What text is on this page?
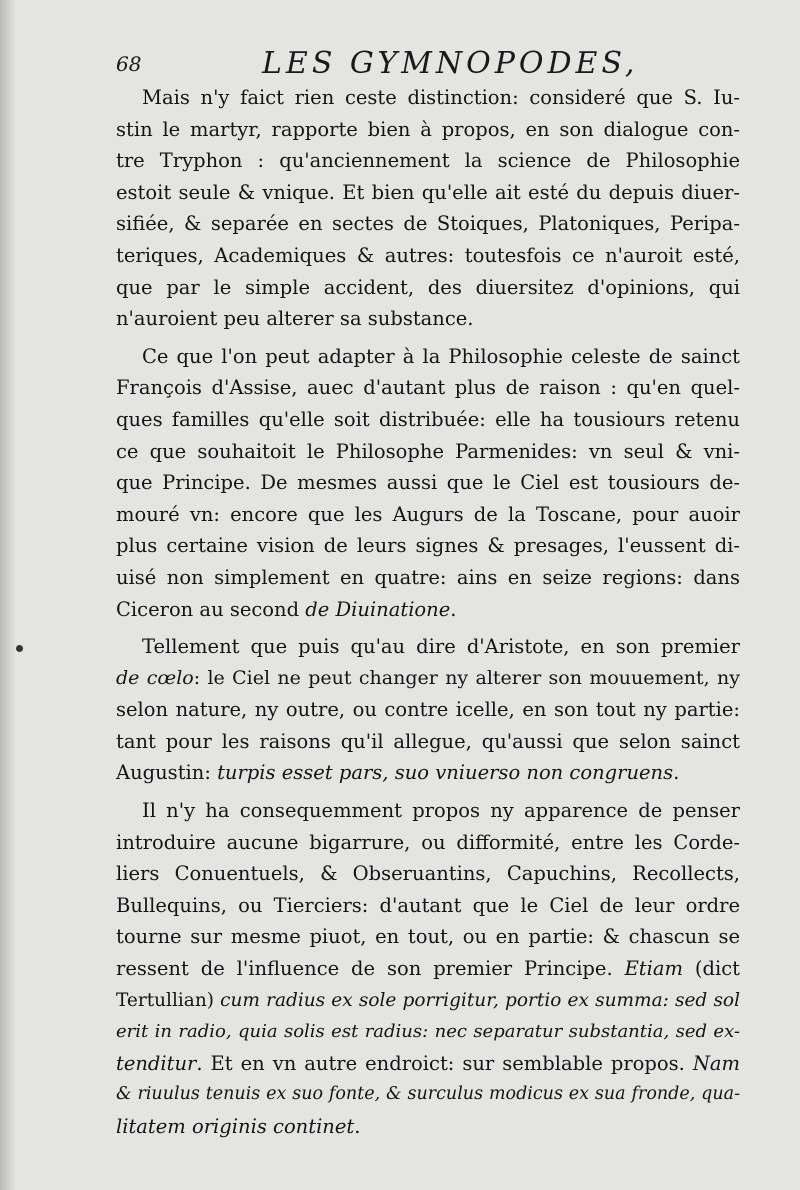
68	LES GYMNOPODES,
Mais n'y faict rien ceste distinction: consideré que S. Iu-
stin le martyr, rapporte bien à propos, en son dialogue con-
tre Tryphon : qu'anciennement la science de Philosophie
estoit seule & vnique. Et bien qu'elle ait esté du depuis diuer-
sifiée, & separée en sectes de Stoiques, Platoniques, Peripa-
teriques, Academiques & autres: toutesfois ce n'auroit esté,
que par le simple accident, des diuersitez d'opinions, qui
n'auroient peu alterer sa substance.
Ce que l'on peut adapter à la Philosophie celeste de sainct
François d'Assise, auec d'autant plus de raison : qu'en quel-
ques familles qu'elle soit distribuée: elle ha tousiours retenu
ce que souhaitoit le Philosophe Parmenides: vn seul & vni-
que Principe. De mesmes aussi que le Ciel est tousiours de-
mouré vn: encore que les Augurs de la Toscane, pour auoir
plus certaine vision de leurs signes & presages, l'eussent di-
uisé non simplement en quatre: ains en seize regions: dans
Ciceron au second de Diuinatione.
Tellement que puis qu'au dire d'Aristote, en son premier
de cœlo: le Ciel ne peut changer ny alterer son mouuement, ny
selon nature, ny outre, ou contre icelle, en son tout ny partie:
tant pour les raisons qu'il allegue, qu'aussi que selon sainct
Augustin: turpis esset pars, suo vniuerso non congruens.
Il n'y ha consequemment propos ny apparence de penser
introduire aucune bigarrure, ou difformité, entre les Corde-
liers Conuentuels, & Obseruantins, Capuchins, Recollects,
Bullequins, ou Tierciers: d'autant que le Ciel de leur ordre
tourne sur mesme piuot, en tout, ou en partie: & chascun se
ressent de l'influence de son premier Principe. Etiam (dict
Tertullian) cum radius ex sole porrigitur, portio ex summa: sed sol
erit in radio, quia solis est radius: nec separatur substantia, sed ex-
tenditur. Et en vn autre endroict: sur semblable propos. Nam
& riuulus tenuis ex suo fonte, & surculus modicus ex sua fronde, qua-
litatem originis continet.
